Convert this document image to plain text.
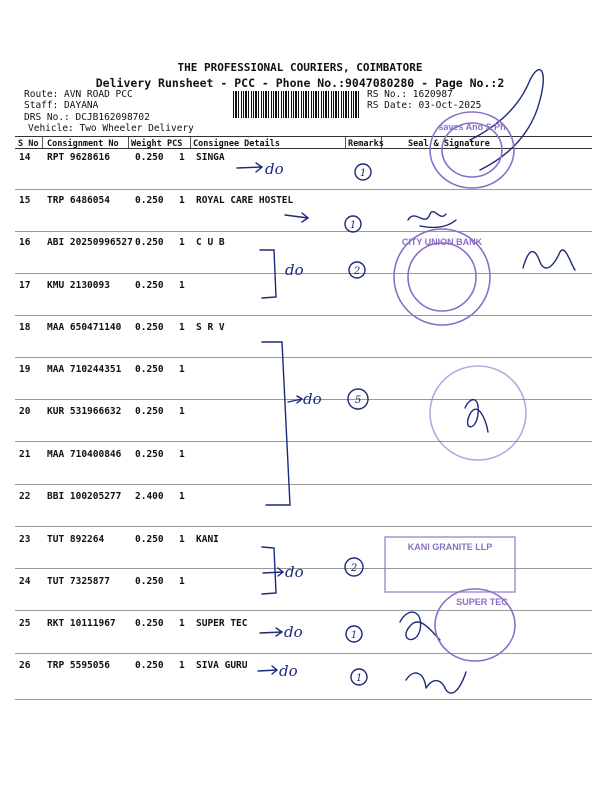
THE PROFESSIONAL COURIERS, COIMBATORE
Delivery Runsheet - PCC - Phone No.:9047080280 - Page No.:2
Route: AVN ROAD PCC
Staff: DAYANA
DRS No.: DCJB162098702
Vehicle: Two Wheeler Delivery
RS No.: 1620987
RS Date: 03-Oct-2025
S No Consignment No Weight PCS Consignee Details	Remarks	Seal & Signature
14 RPT 9628616	0.250 1 SINGA
15 TRP 6486054	0.250 1 ROYAL CARE HOSTEL
16 ABI 20250996527 0.250 1 C U B
17 KMU 2130093	0.250 1
18 MAA 650471140 0.250 1 S R V
19 MAA 710244351 0.250 1
20 KUR 531966632 0.250 1
21 MAA 710400846 0.250 1
22 BBI 100205277 2.400 1
23 TUT 892264	0.250 1 KANI
24 TUT 7325877	0.250 1
25 RKT 10111967 0.250 1 SUPER TEC
26 TRP 5595056	0.250 1 SIVA GURU
do
do
do
do
do
do
1
1
2
5
2
1
1
saves And S Ph
CITY UNION BANK
KANI GRANITE LLP
SUPER TEC
